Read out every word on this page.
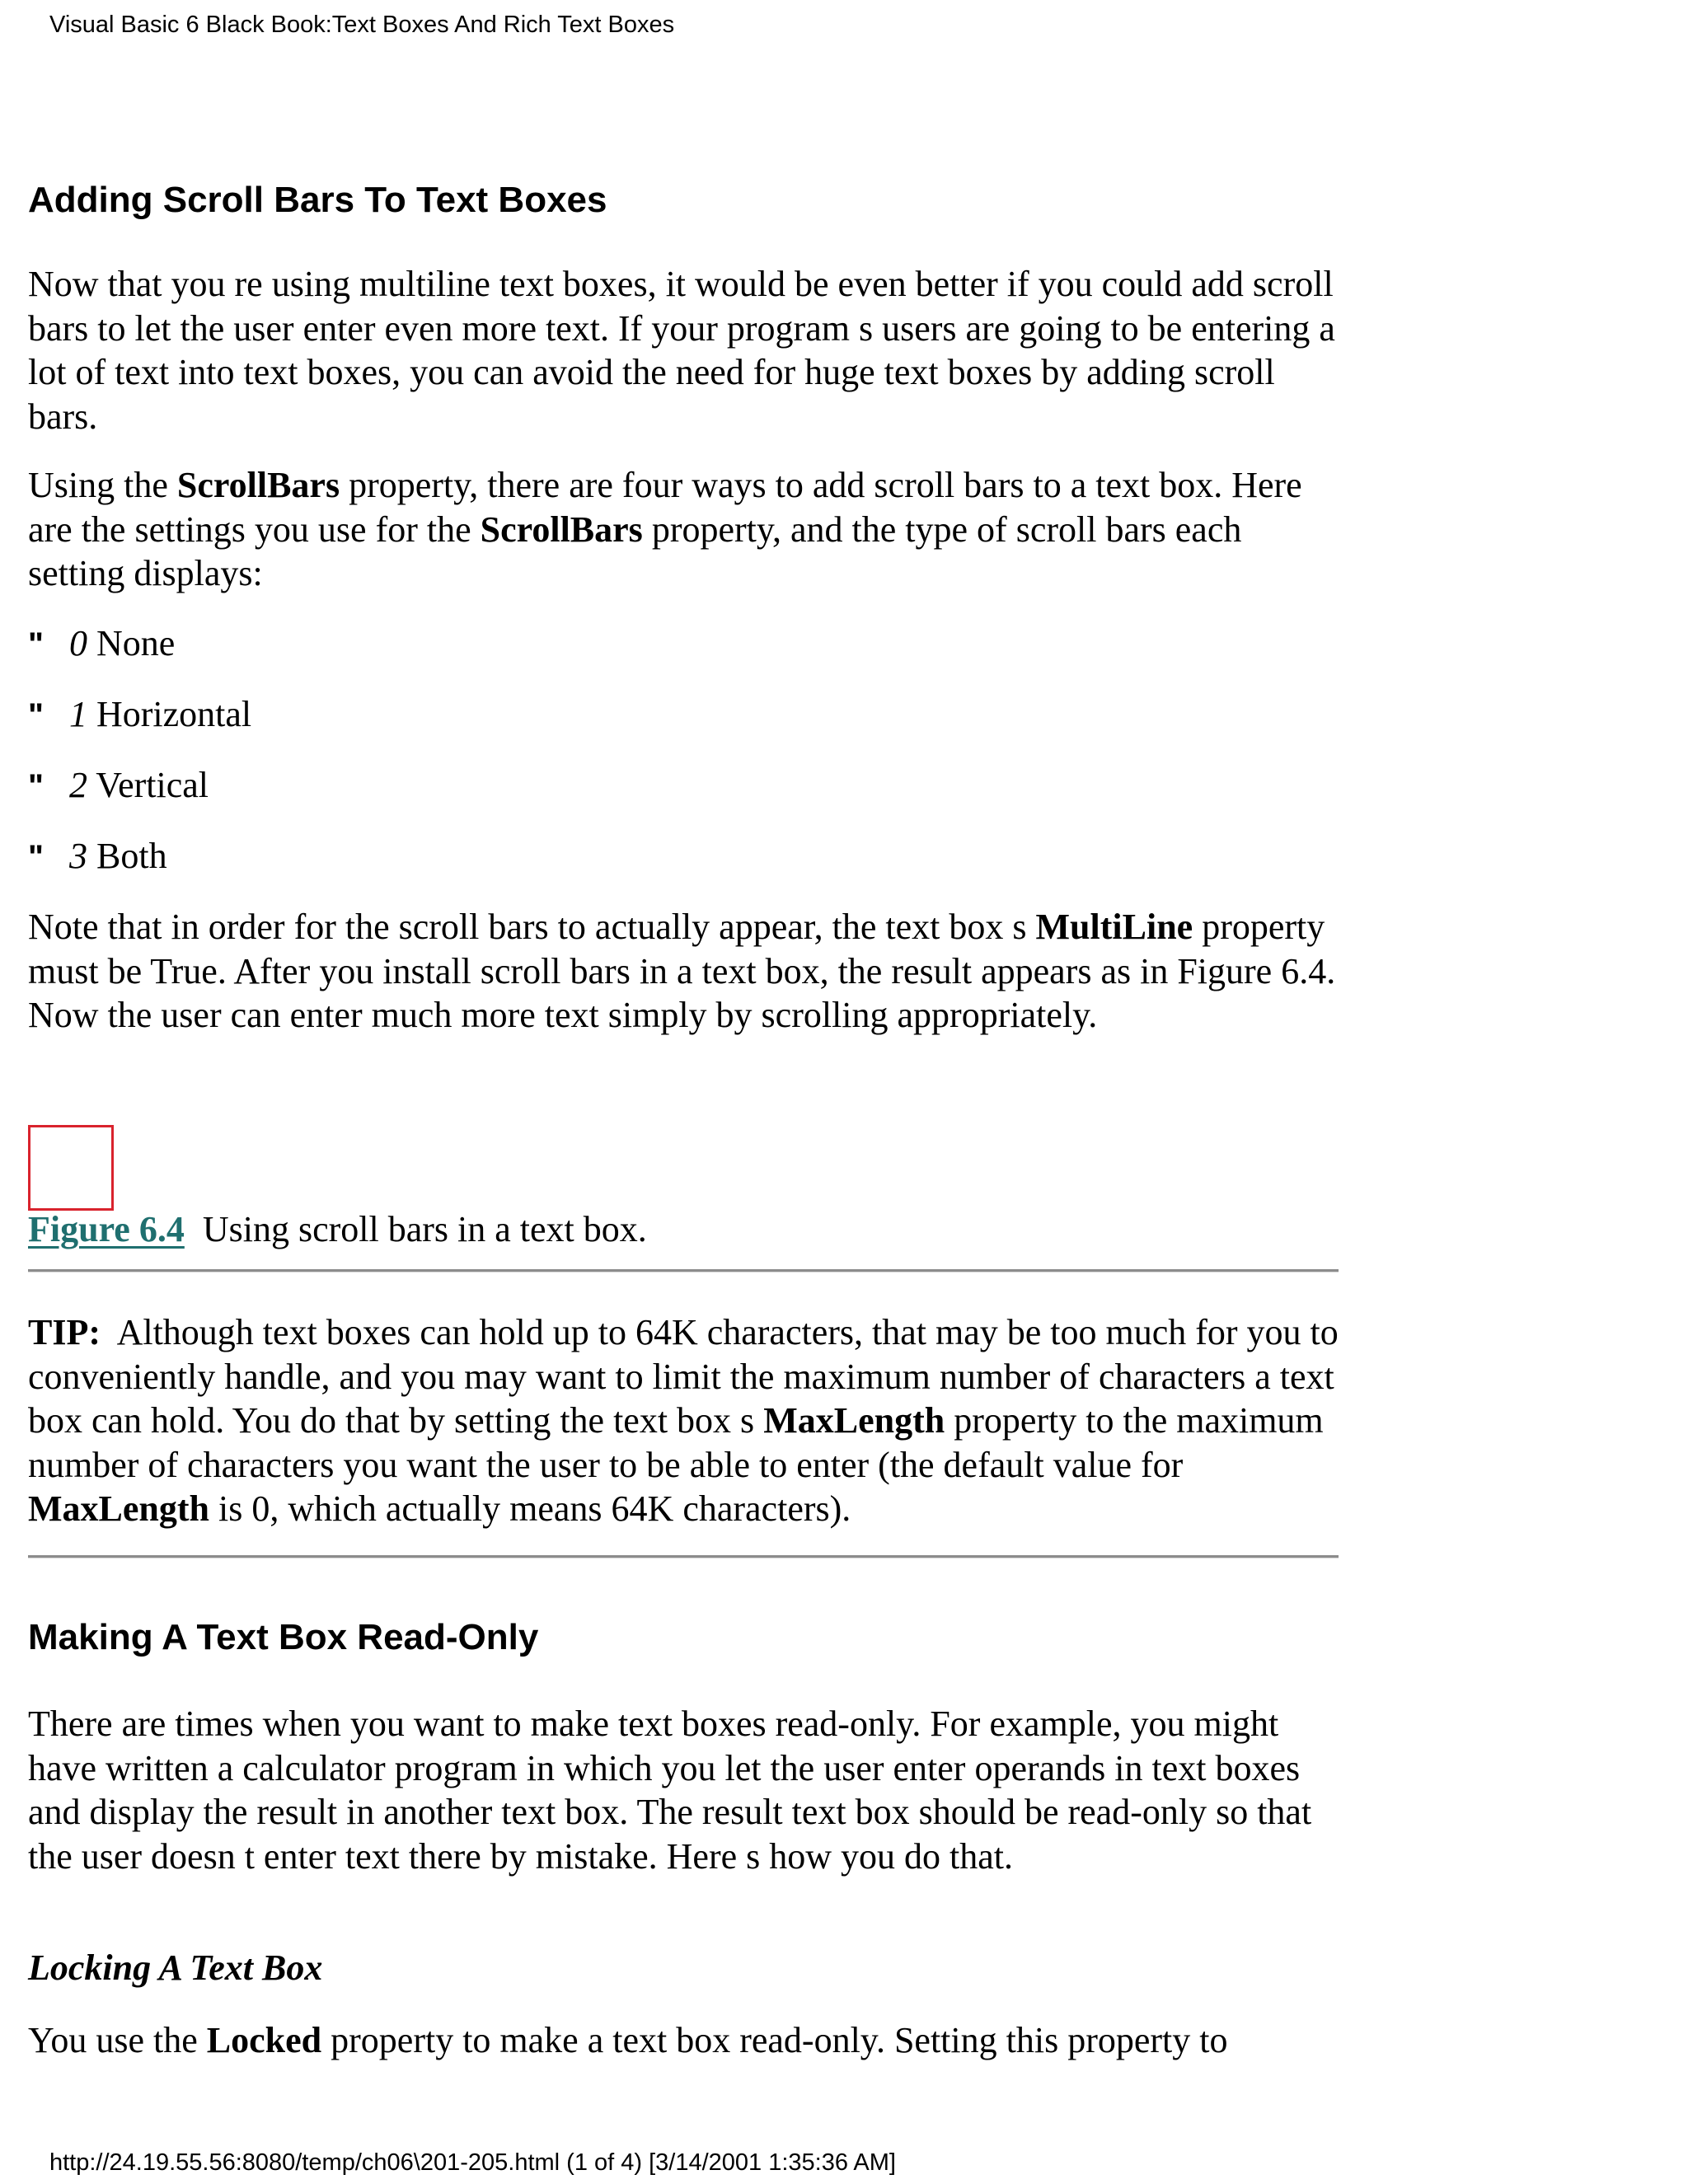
Visual Basic 6 Black Book:Text Boxes And Rich Text Boxes
Adding Scroll Bars To Text Boxes

Now that you re using multiline text boxes, it would be even better if you could add scroll bars to let the user enter even more text. If your program s users are going to be entering a lot of text into text boxes, you can avoid the need for huge text boxes by adding scroll bars.

Using the ScrollBars property, there are four ways to add scroll bars to a text box. Here are the settings you use for the ScrollBars property, and the type of scroll bars each setting displays:

" 0 None
" 1 Horizontal
" 2 Vertical
" 3 Both

Note that in order for the scroll bars to actually appear, the text box s MultiLine property must be True. After you install scroll bars in a text box, the result appears as in Figure 6.4. Now the user can enter much more text simply by scrolling appropriately.

Figure 6.4 Using scroll bars in a text box.

TIP: Although text boxes can hold up to 64K characters, that may be too much for you to conveniently handle, and you may want to limit the maximum number of characters a text box can hold. You do that by setting the text box s MaxLength property to the maximum number of characters you want the user to be able to enter (the default value for MaxLength is 0, which actually means 64K characters).

Making A Text Box Read-Only

There are times when you want to make text boxes read-only. For example, you might have written a calculator program in which you let the user enter operands in text boxes and display the result in another text box. The result text box should be read-only so that the user doesn t enter text there by mistake. Here s how you do that.

Locking A Text Box

You use the Locked property to make a text box read-only. Setting this property to

http://24.19.55.56:8080/temp/ch06\201-205.html (1 of 4) [3/14/2001 1:35:36 AM]
